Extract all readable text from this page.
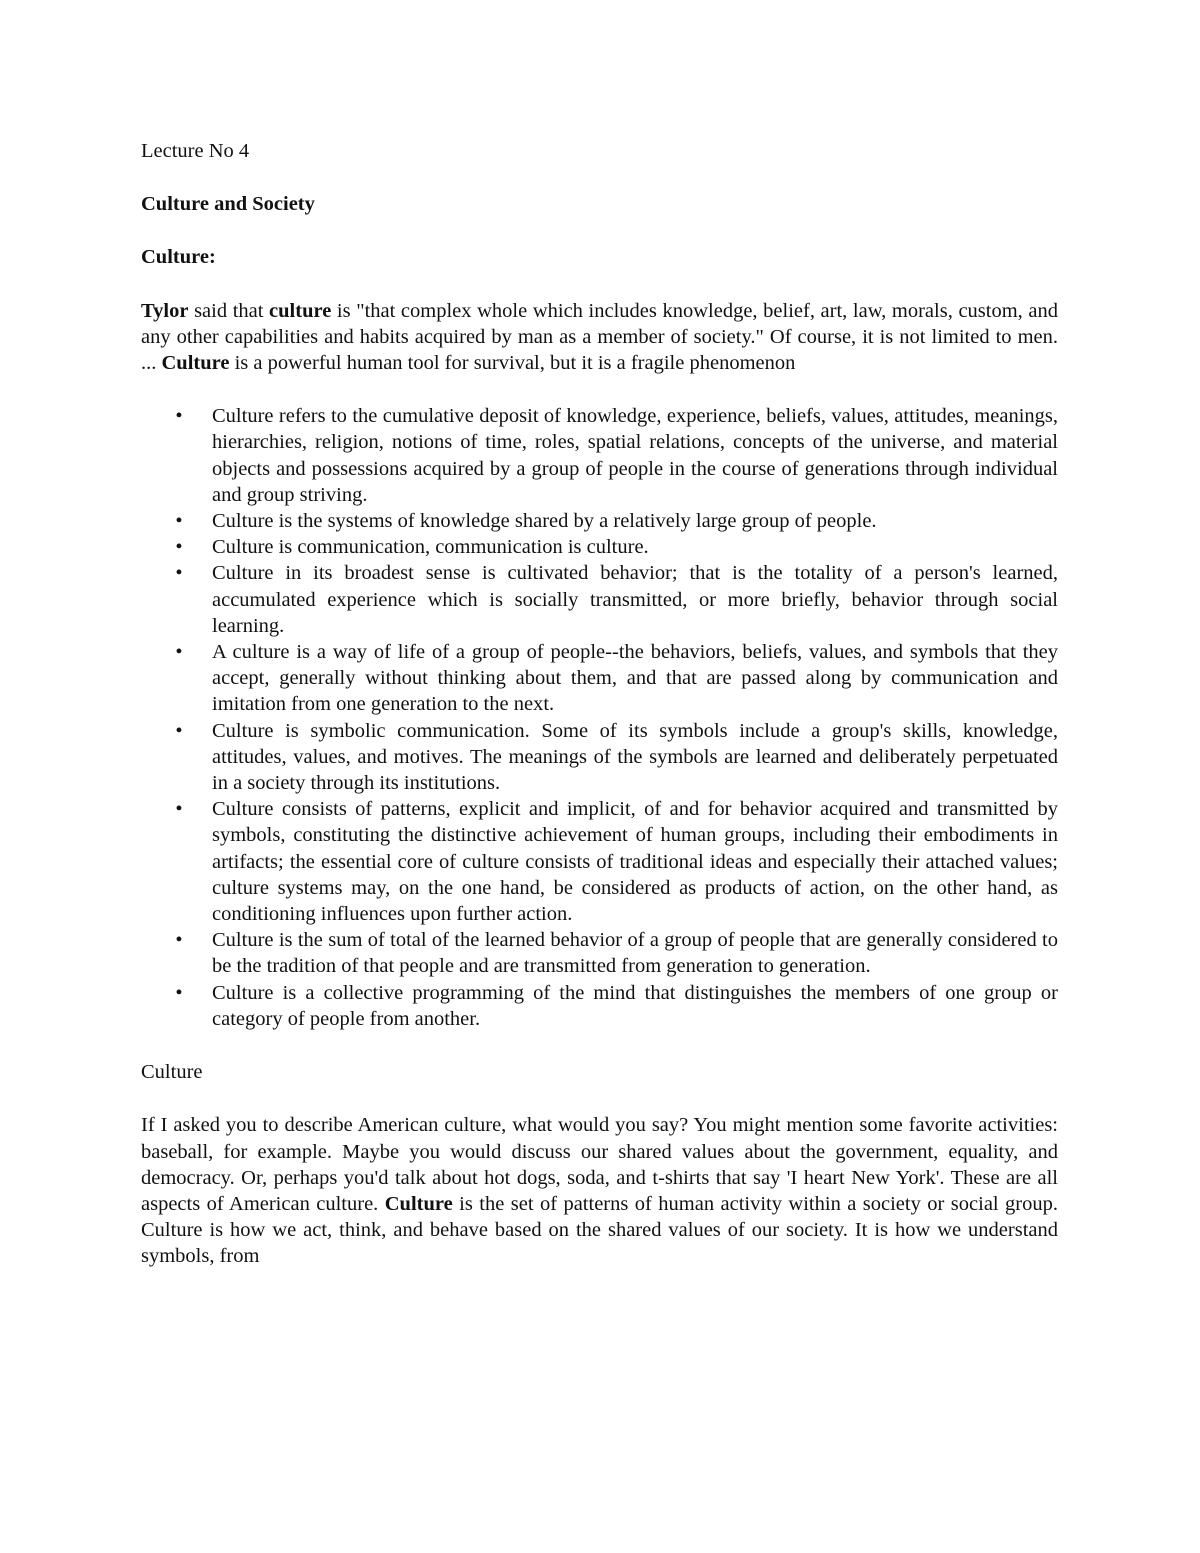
Lecture No 4

Culture and Society

Culture:

Tylor said that culture is "that complex whole which includes knowledge, belief, art, law, morals, custom, and any other capabilities and habits acquired by man as a member of society." Of course, it is not limited to men. ... Culture is a powerful human tool for survival, but it is a fragile phenomenon

• Culture refers to the cumulative deposit of knowledge, experience, beliefs, values, attitudes, meanings, hierarchies, religion, notions of time, roles, spatial relations, concepts of the universe, and material objects and possessions acquired by a group of people in the course of generations through individual and group striving.
• Culture is the systems of knowledge shared by a relatively large group of people.
• Culture is communication, communication is culture.
• Culture in its broadest sense is cultivated behavior; that is the totality of a person's learned, accumulated experience which is socially transmitted, or more briefly, behavior through social learning.
• A culture is a way of life of a group of people--the behaviors, beliefs, values, and symbols that they accept, generally without thinking about them, and that are passed along by communication and imitation from one generation to the next.
• Culture is symbolic communication. Some of its symbols include a group's skills, knowledge, attitudes, values, and motives. The meanings of the symbols are learned and deliberately perpetuated in a society through its institutions.
• Culture consists of patterns, explicit and implicit, of and for behavior acquired and transmitted by symbols, constituting the distinctive achievement of human groups, including their embodiments in artifacts; the essential core of culture consists of traditional ideas and especially their attached values; culture systems may, on the one hand, be considered as products of action, on the other hand, as conditioning influences upon further action.
• Culture is the sum of total of the learned behavior of a group of people that are generally considered to be the tradition of that people and are transmitted from generation to generation.
• Culture is a collective programming of the mind that distinguishes the members of one group or category of people from another.

Culture

If I asked you to describe American culture, what would you say? You might mention some favorite activities: baseball, for example. Maybe you would discuss our shared values about the government, equality, and democracy. Or, perhaps you'd talk about hot dogs, soda, and t-shirts that say 'I heart New York'. These are all aspects of American culture. Culture is the set of patterns of human activity within a society or social group. Culture is how we act, think, and behave based on the shared values of our society. It is how we understand symbols, from
